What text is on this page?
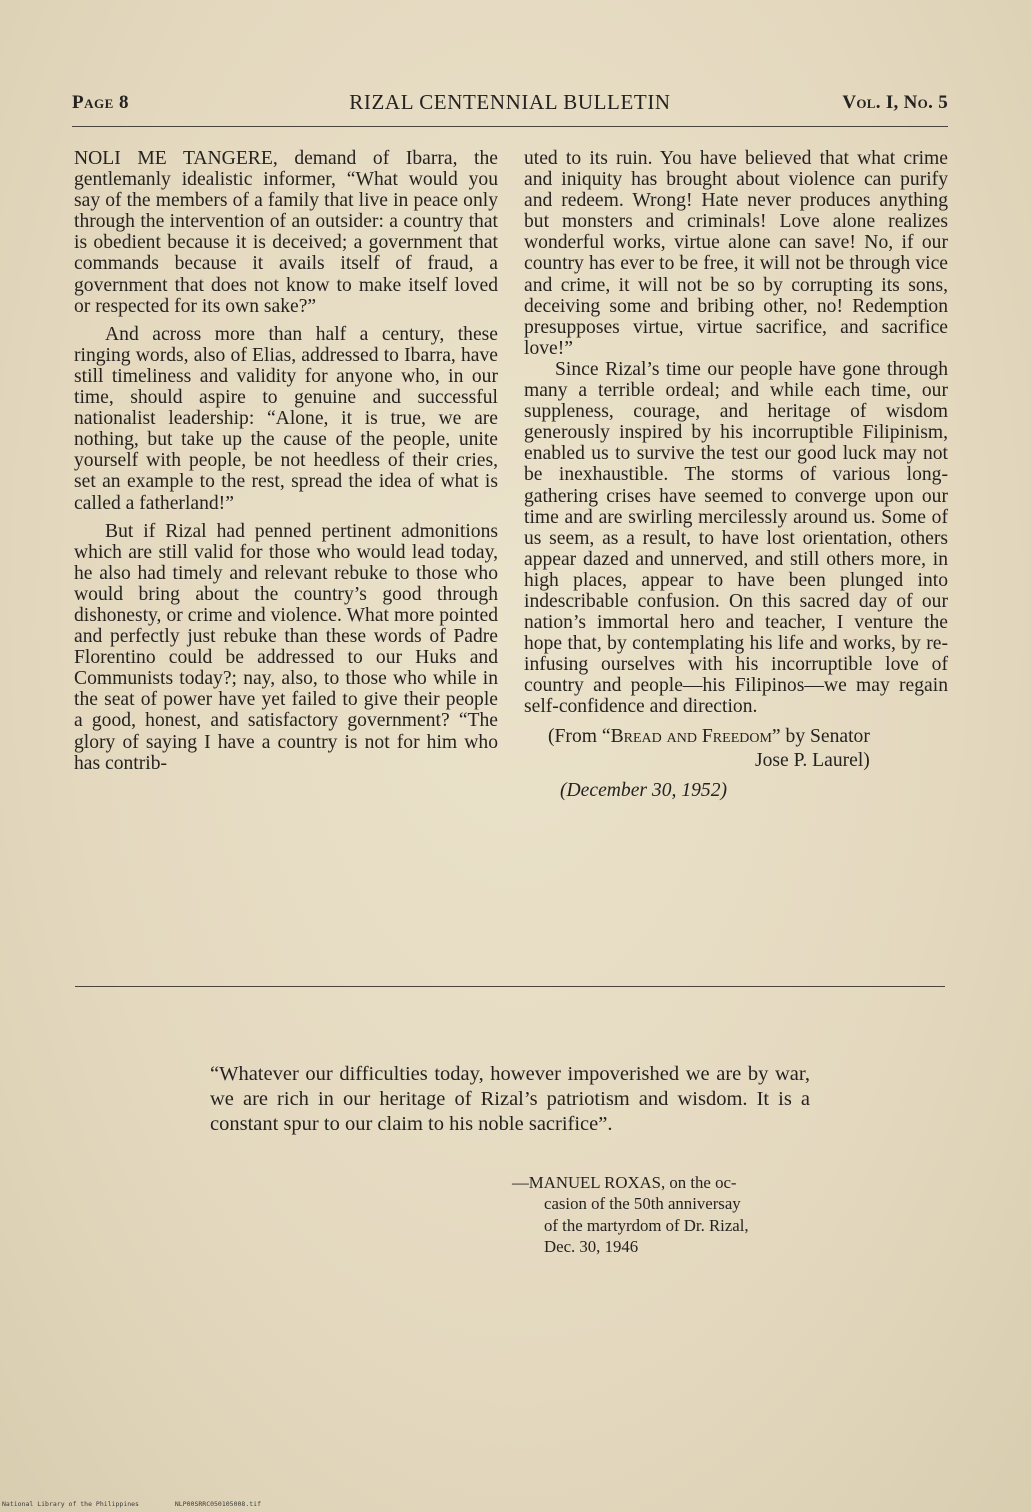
Page 8	RIZAL CENTENNIAL BULLETIN	Vol. I, No. 5

NOLI ME TANGERE, demand of Ibarra, the gentlemanly idealistic informer, “What would you say of the members of a family that live in peace only through the intervention of an outsider: a country that is obedient because it is deceived; a government that commands because it avails itself of fraud, a government that does not know to make itself loved or respected for its own sake?”

And across more than half a century, these ringing words, also of Elias, addressed to Ibarra, have still timeliness and validity for anyone who, in our time, should aspire to genuine and successful nationalist leadership: “Alone, it is true, we are nothing, but take up the cause of the people, unite yourself with people, be not heedless of their cries, set an example to the rest, spread the idea of what is called a fatherland!”

But if Rizal had penned pertinent admonitions which are still valid for those who would lead today, he also had timely and relevant rebuke to those who would bring about the country’s good through dishonesty, or crime and violence. What more pointed and perfectly just rebuke than these words of Padre Florentino could be addressed to our Huks and Communists today?; nay, also, to those who while in the seat of power have yet failed to give their people a good, honest, and satisfactory government? “The glory of saying I have a country is not for him who has contrib-

uted to its ruin. You have believed that what crime and iniquity has brought about violence can purify and redeem. Wrong! Hate never produces anything but monsters and criminals! Love alone realizes wonderful works, virtue alone can save! No, if our country has ever to be free, it will not be through vice and crime, it will not be so by corrupting its sons, deceiving some and bribing other, no! Redemption presupposes virtue, virtue sacrifice, and sacrifice love!”

Since Rizal’s time our people have gone through many a terrible ordeal; and while each time, our suppleness, courage, and heritage of wisdom generously inspired by his incorruptible Filipinism, enabled us to survive the test our good luck may not be inexhaustible. The storms of various long-gathering crises have seemed to converge upon our time and are swirling mercilessly around us. Some of us seem, as a result, to have lost orientation, others appear dazed and unnerved, and still others more, in high places, appear to have been plunged into indescribable confusion. On this sacred day of our nation’s immortal hero and teacher, I venture the hope that, by contemplating his life and works, by re-infusing ourselves with his incorruptible love of country and people—his Filipinos—we may regain self-confidence and direction.

(From “Bread and Freedom” by Senator
Jose P. Laurel)
(December 30, 1952)
“Whatever our difficulties today, however impoverished we are by war, we are rich in our heritage of Rizal’s patriotism and wisdom. It is a constant spur to our claim to his noble sacrifice”.
—MANUEL ROXAS, on the oc-
casion of the 50th anniversay
of the martyrdom of Dr. Rizal,
Dec. 30, 1946
National Library of the Philippines	NLP00SRRC050105008.tif
